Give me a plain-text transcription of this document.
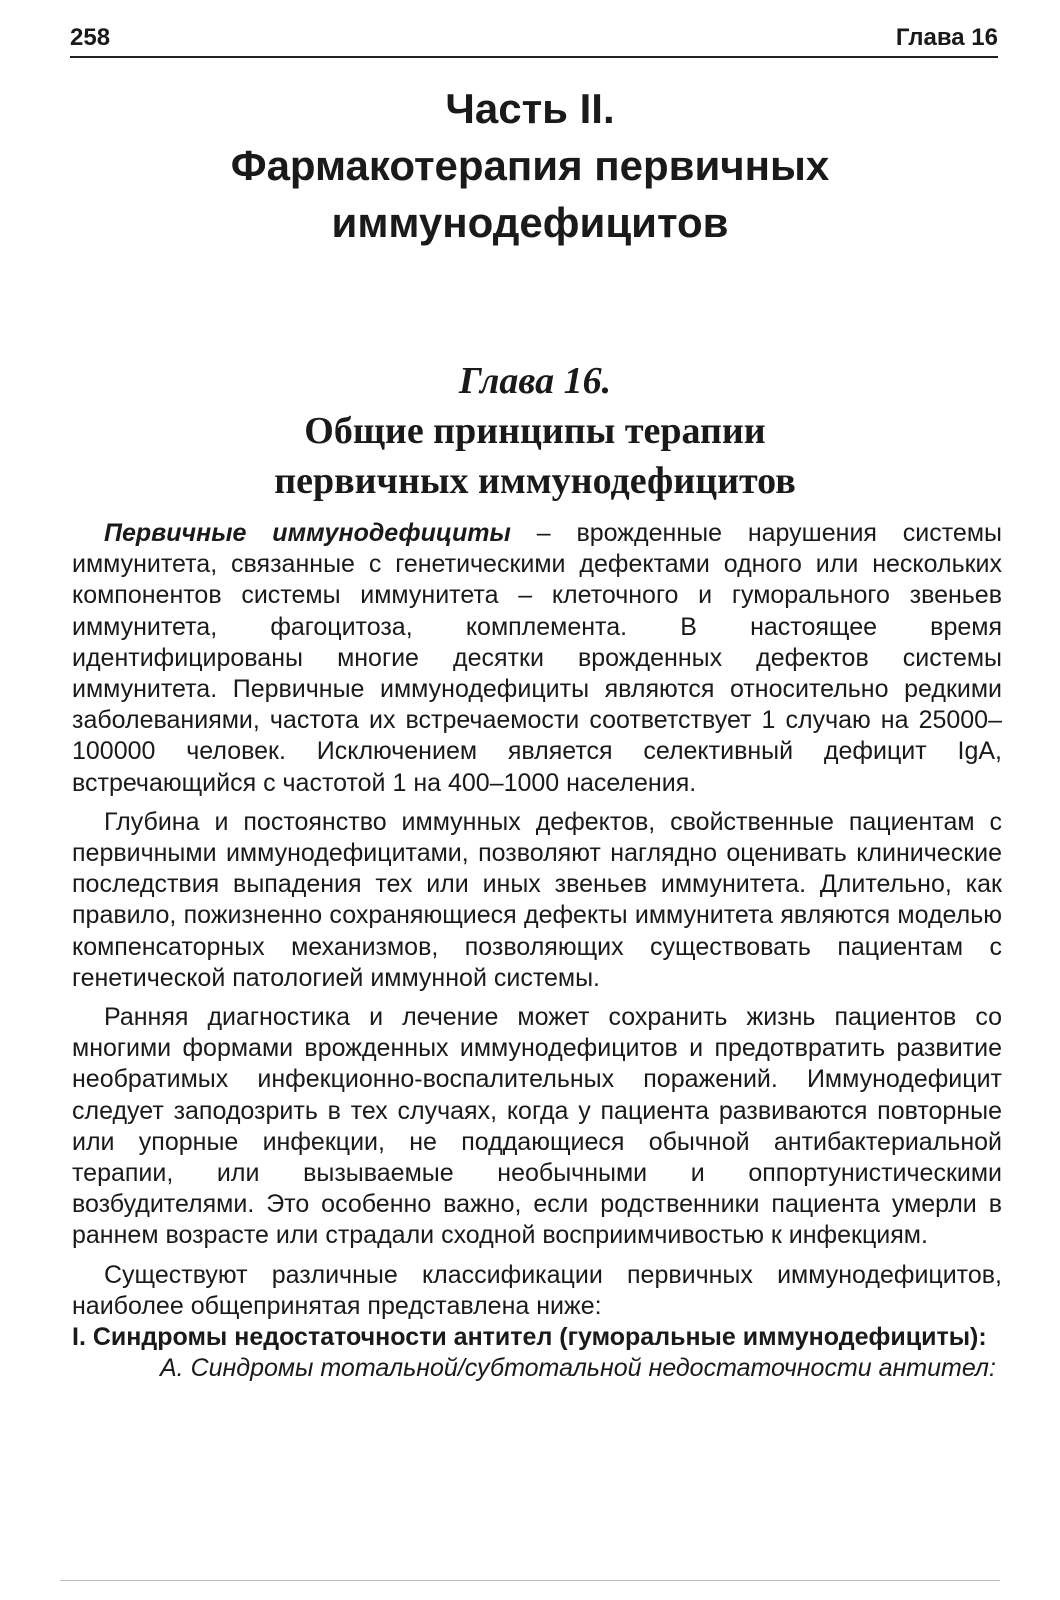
258	Глава 16
Часть II.
Фармакотерапия первичных
иммунодефицитов
Глава 16.
Общие принципы терапии
первичных иммунодефицитов

Первичные иммунодефициты – врожденные нарушения системы иммунитета, связанные с генетическими дефектами одного или нескольких компонентов системы иммунитета – клеточного и гуморального звеньев иммунитета, фагоцитоза, комплемента. В настоящее время идентифицированы многие десятки врожденных дефектов системы иммунитета. Первичные иммунодефициты являются относительно редкими заболеваниями, частота их встречаемости соответствует 1 случаю на 25000–100000 человек. Исключением является селективный дефицит IgA, встречающийся с частотой 1 на 400–1000 населения.

Глубина и постоянство иммунных дефектов, свойственные пациентам с первичными иммунодефицитами, позволяют наглядно оценивать клинические последствия выпадения тех или иных звеньев иммунитета. Длительно, как правило, пожизненно сохраняющиеся дефекты иммунитета являются моделью компенсаторных механизмов, позволяющих существовать пациентам с генетической патологией иммунной системы.

Ранняя диагностика и лечение может сохранить жизнь пациентов со многими формами врожденных иммунодефицитов и предотвратить развитие необратимых инфекционно-воспалительных поражений. Иммунодефицит следует заподозрить в тех случаях, когда у пациента развиваются повторные или упорные инфекции, не поддающиеся обычной антибактериальной терапии, или вызываемые необычными и оппортунистическими возбудителями. Это особенно важно, если родственники пациента умерли в раннем возрасте или страдали сходной восприимчивостью к инфекциям.

Существуют различные классификации первичных иммунодефицитов, наиболее общепринятая представлена ниже:

I. Синдромы недостаточности антител (гуморальные иммунодефициты):
А. Синдромы тотальной/субтотальной недостаточности антител:
